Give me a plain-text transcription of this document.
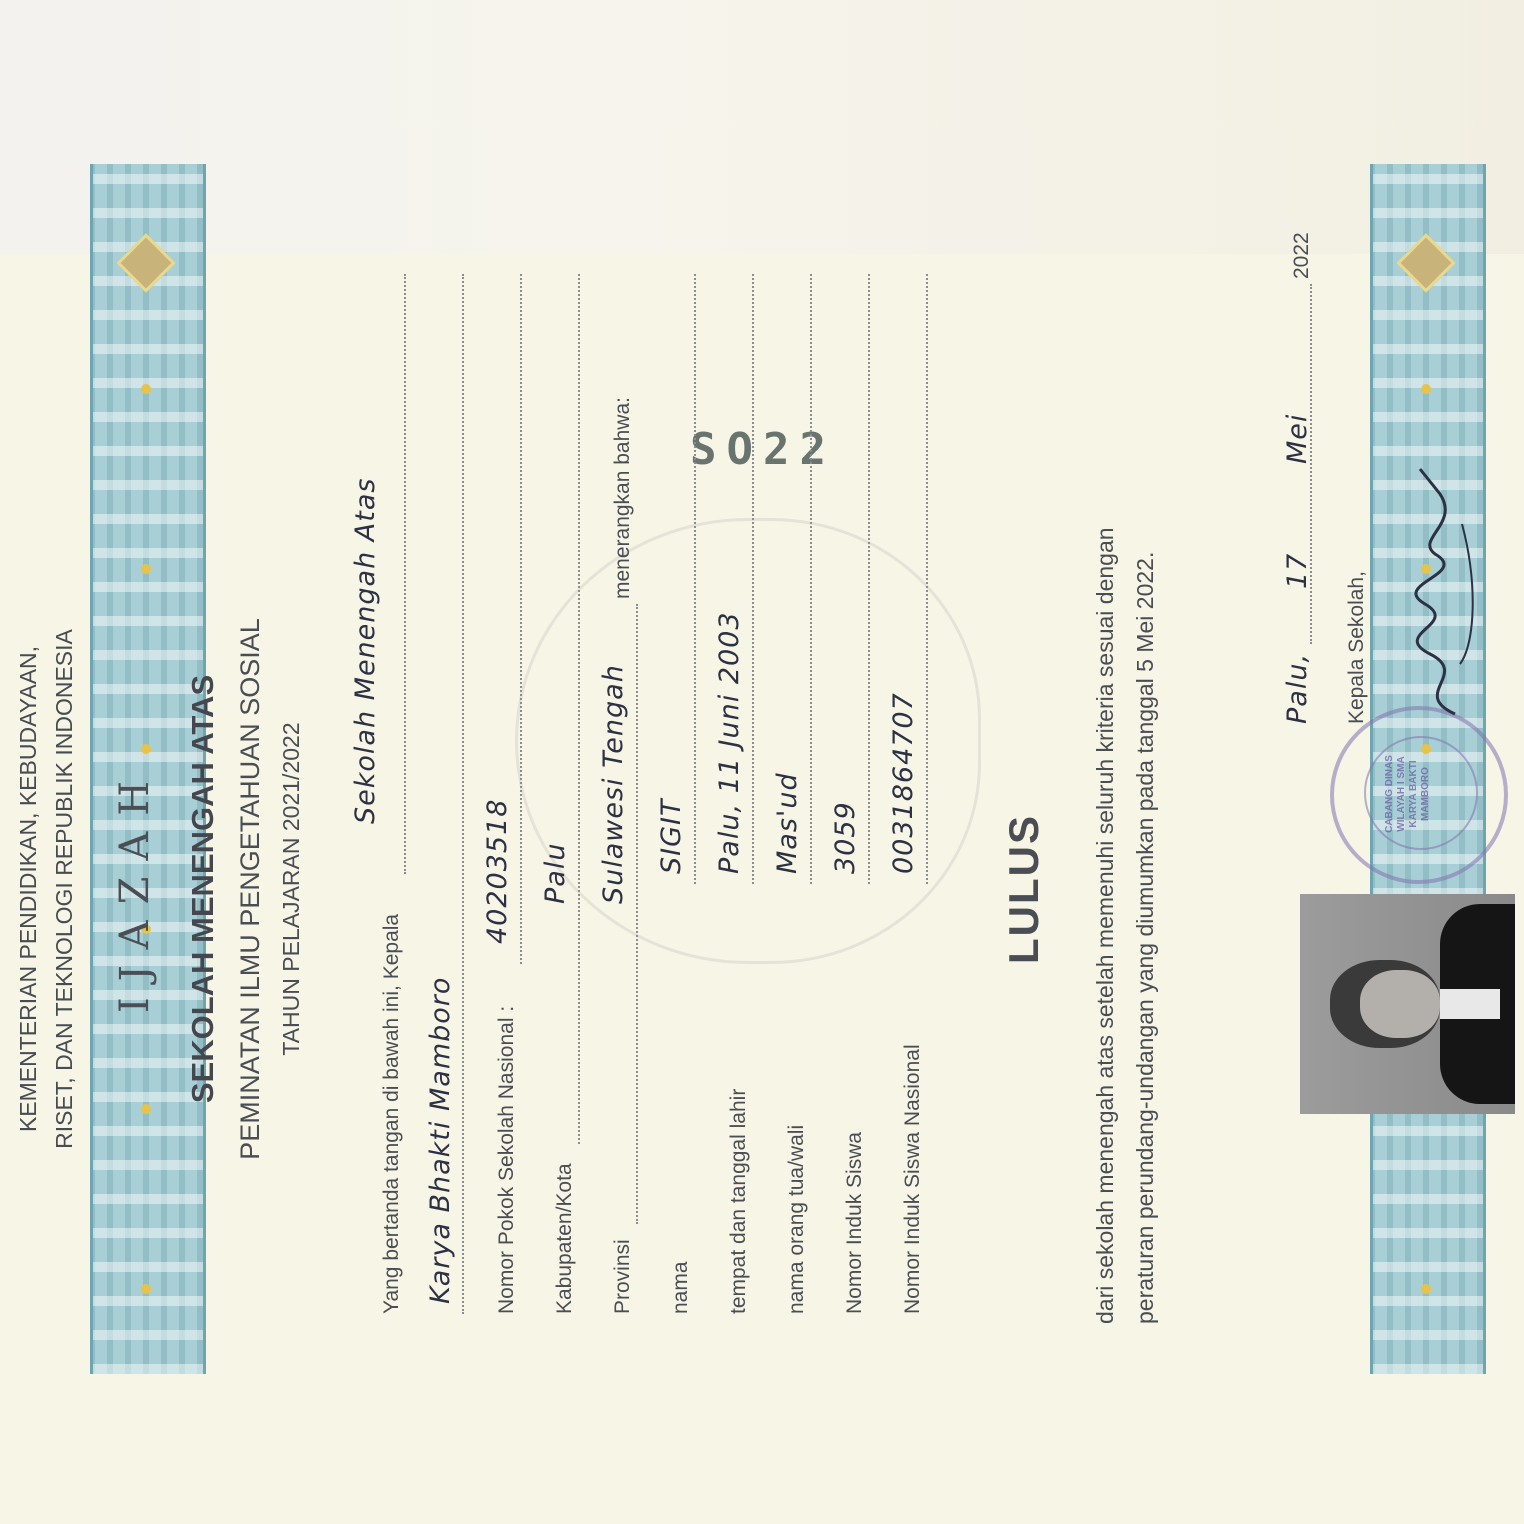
SO22
KEMENTERIAN PENDIDIKAN, KEBUDAYAAN, RISET, DAN TEKNOLOGI REPUBLIK INDONESIA IJAZAH SEKOLAH MENENGAH ATAS PEMINATAN ILMU PENGETAHUAN SOSIAL TAHUN PELAJARAN 2021/2022
Yang bertanda tangan di bawah ini, Kepala
Sekolah Menengah Atas
Karya Bhakti Mamboro Nomor Pokok Sekolah Nasional :
40203518
Kabupaten/Kota
Palu
Provinsi
Sulawesi Tengah
menerangkan bahwa:
nama
SIGIT
tempat dan tanggal lahir
Palu, 11 Juni 2003
nama orang tua/wali
Mas'ud
Nomor Induk Siswa
3059
Nomor Induk Siswa Nasional
0031864707
LULUS	dari sekolah menengah atas setelah memenuhi seluruh kriteria sesuai dengan peraturan perundang-undangan yang diumumkan pada tanggal 5 Mei 2022.	Palu,
17
Mei
2022
Kepala Sekolah,
CABANG DINAS WILAYAH I SMA KARYA BAKTI MAMBORO
